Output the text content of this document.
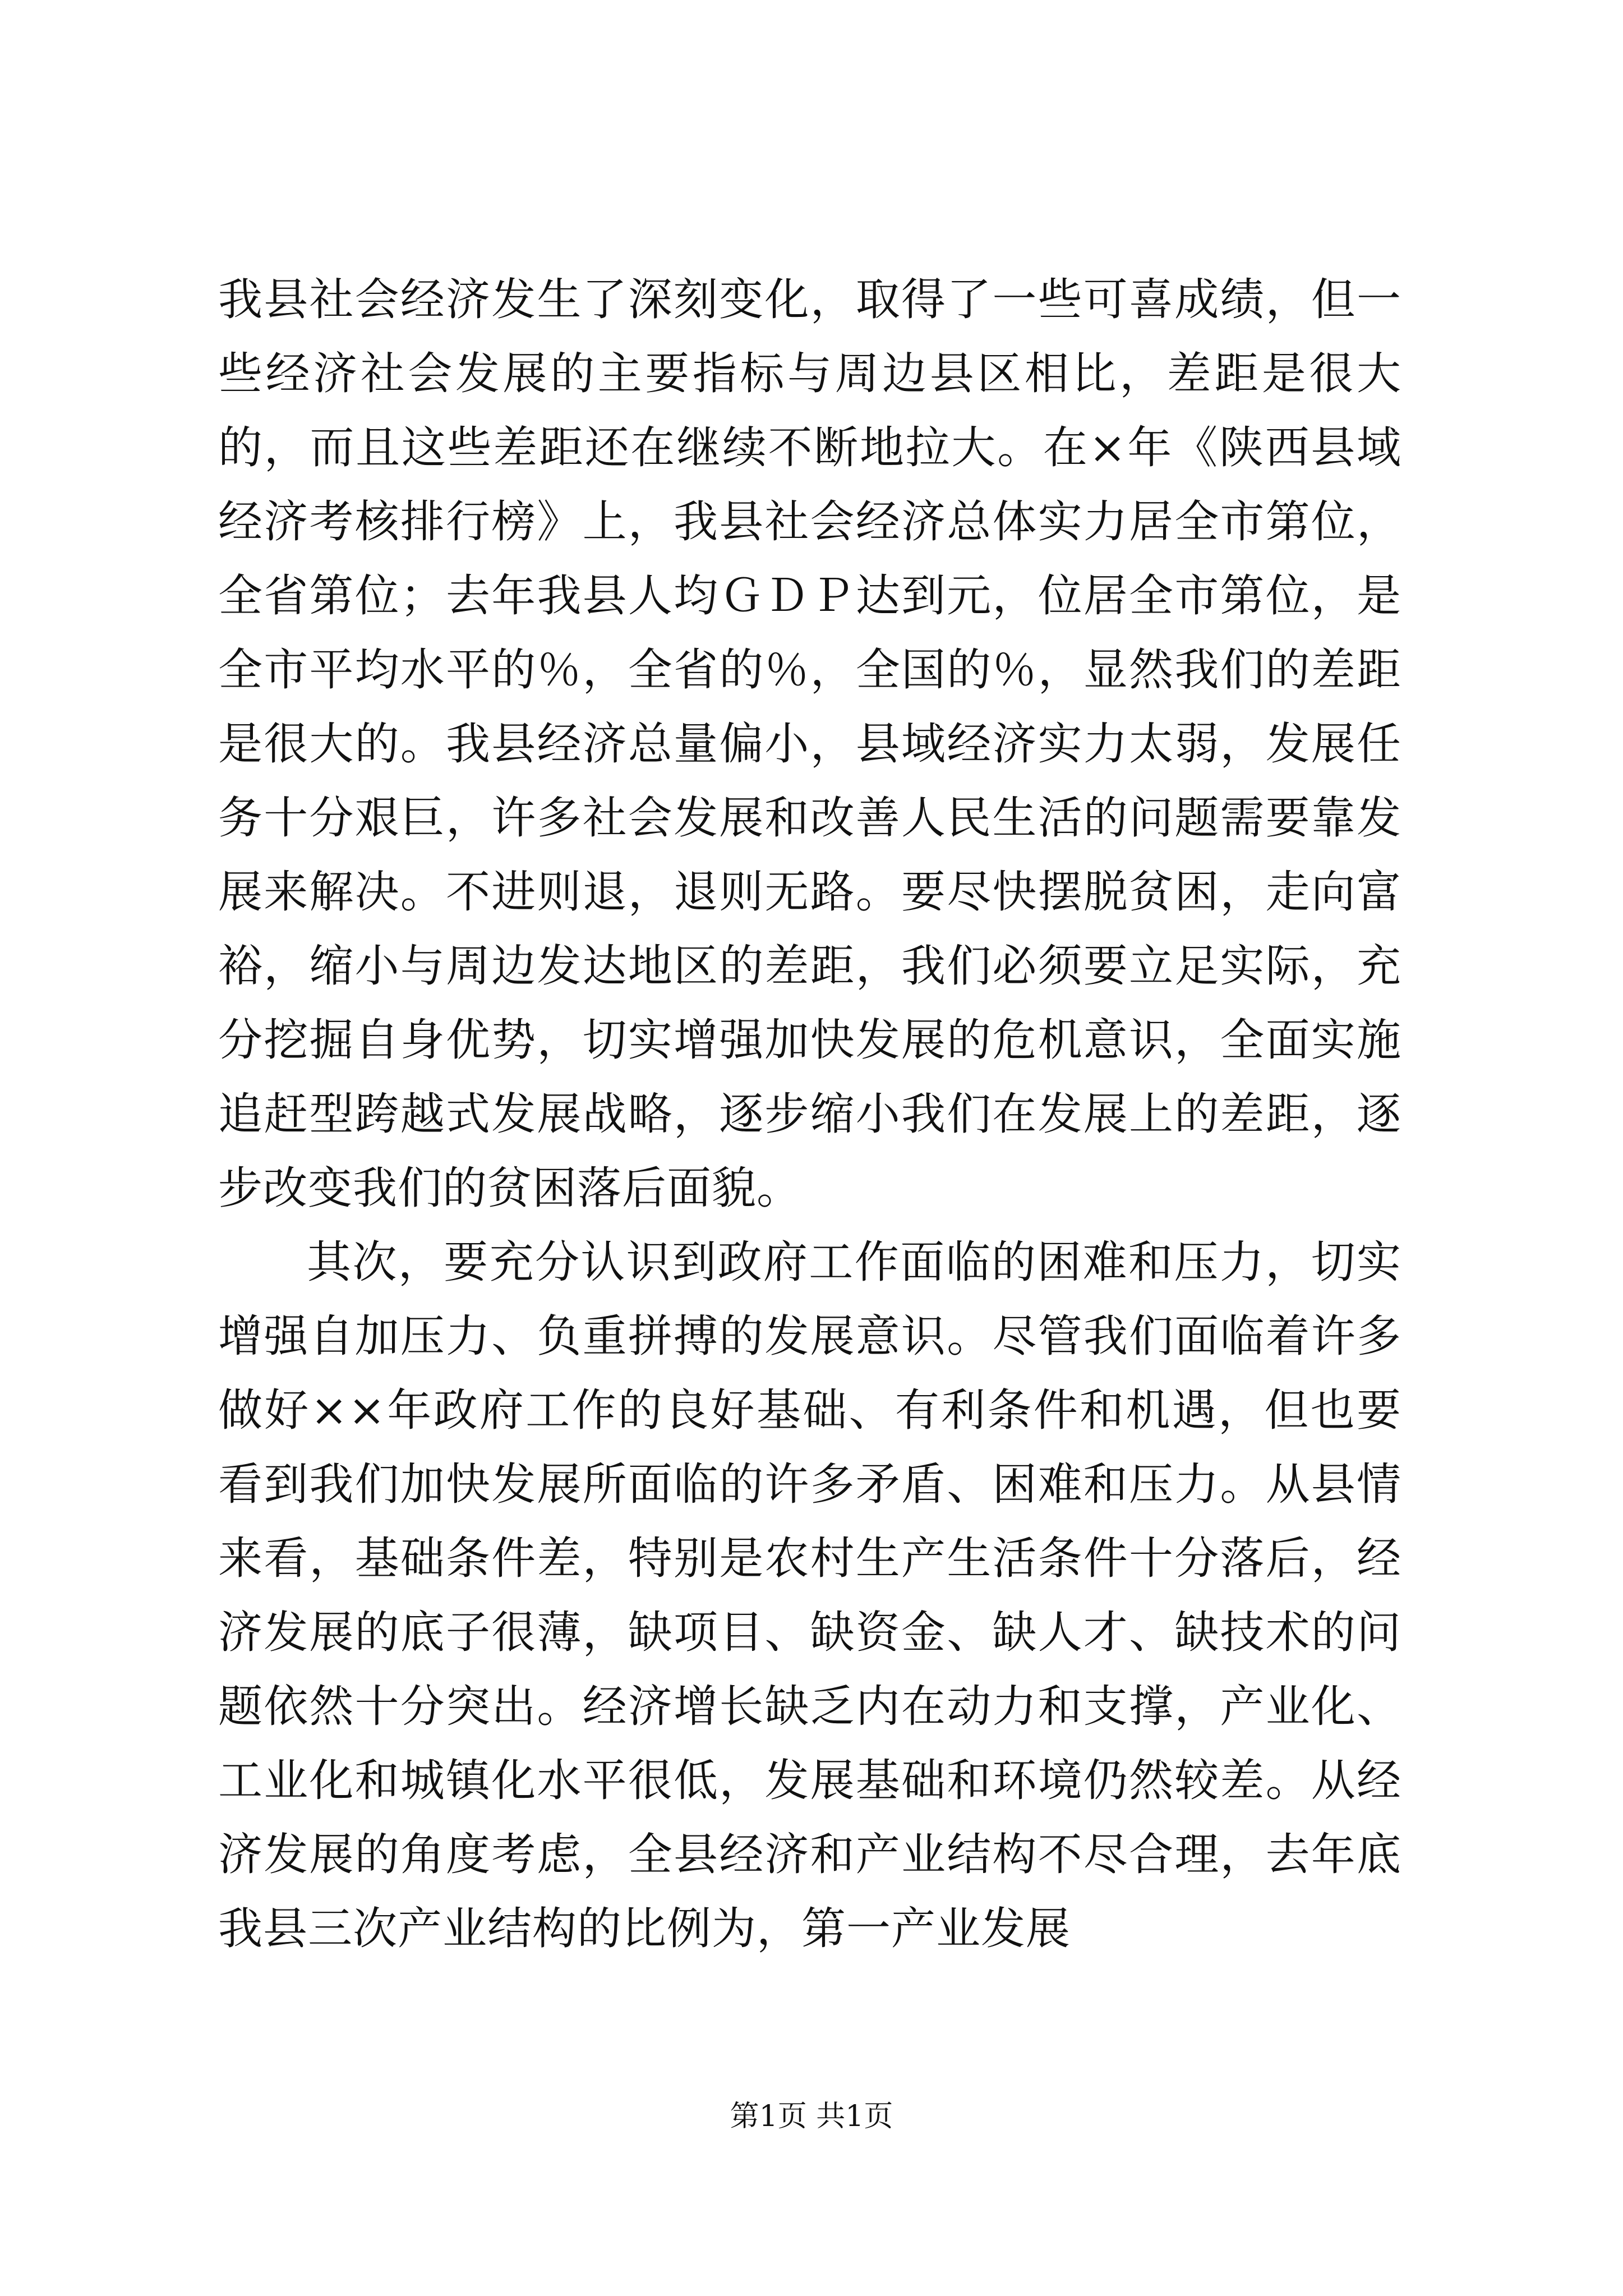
我县社会经济发生了深刻变化，取得了一些可喜成绩，但一些经济社会发展的主要指标与周边县区相比，差距是很大的，而且这些差距还在继续不断地拉大。在×年《陕西县域经济考核排行榜》上，我县社会经济总体实力居全市第位，全省第位；去年我县人均ＧＤＰ达到元，位居全市第位，是全市平均水平的％，全省的％，全国的％，显然我们的差距是很大的。我县经济总量偏小，县域经济实力太弱，发展任务十分艰巨，许多社会发展和改善人民生活的问题需要靠发展来解决。不进则退，退则无路。要尽快摆脱贫困，走向富裕，缩小与周边发达地区的差距，我们必须要立足实际，充分挖掘自身优势，切实增强加快发展的危机意识，全面实施追赶型跨越式发展战略，逐步缩小我们在发展上的差距，逐步改变我们的贫困落后面貌。

其次，要充分认识到政府工作面临的困难和压力，切实增强自加压力、负重拼搏的发展意识。尽管我们面临着许多做好××年政府工作的良好基础、有利条件和机遇，但也要看到我们加快发展所面临的许多矛盾、困难和压力。从县情来看，基础条件差，特别是农村生产生活条件十分落后，经济发展的底子很薄，缺项目、缺资金、缺人才、缺技术的问题依然十分突出。经济增长缺乏内在动力和支撑，产业化、工业化和城镇化水平很低，发展基础和环境仍然较差。从经济发展的角度考虑，全县经济和产业结构不尽合理，去年底我县三次产业结构的比例为，第一产业发展

第1页 共1页
